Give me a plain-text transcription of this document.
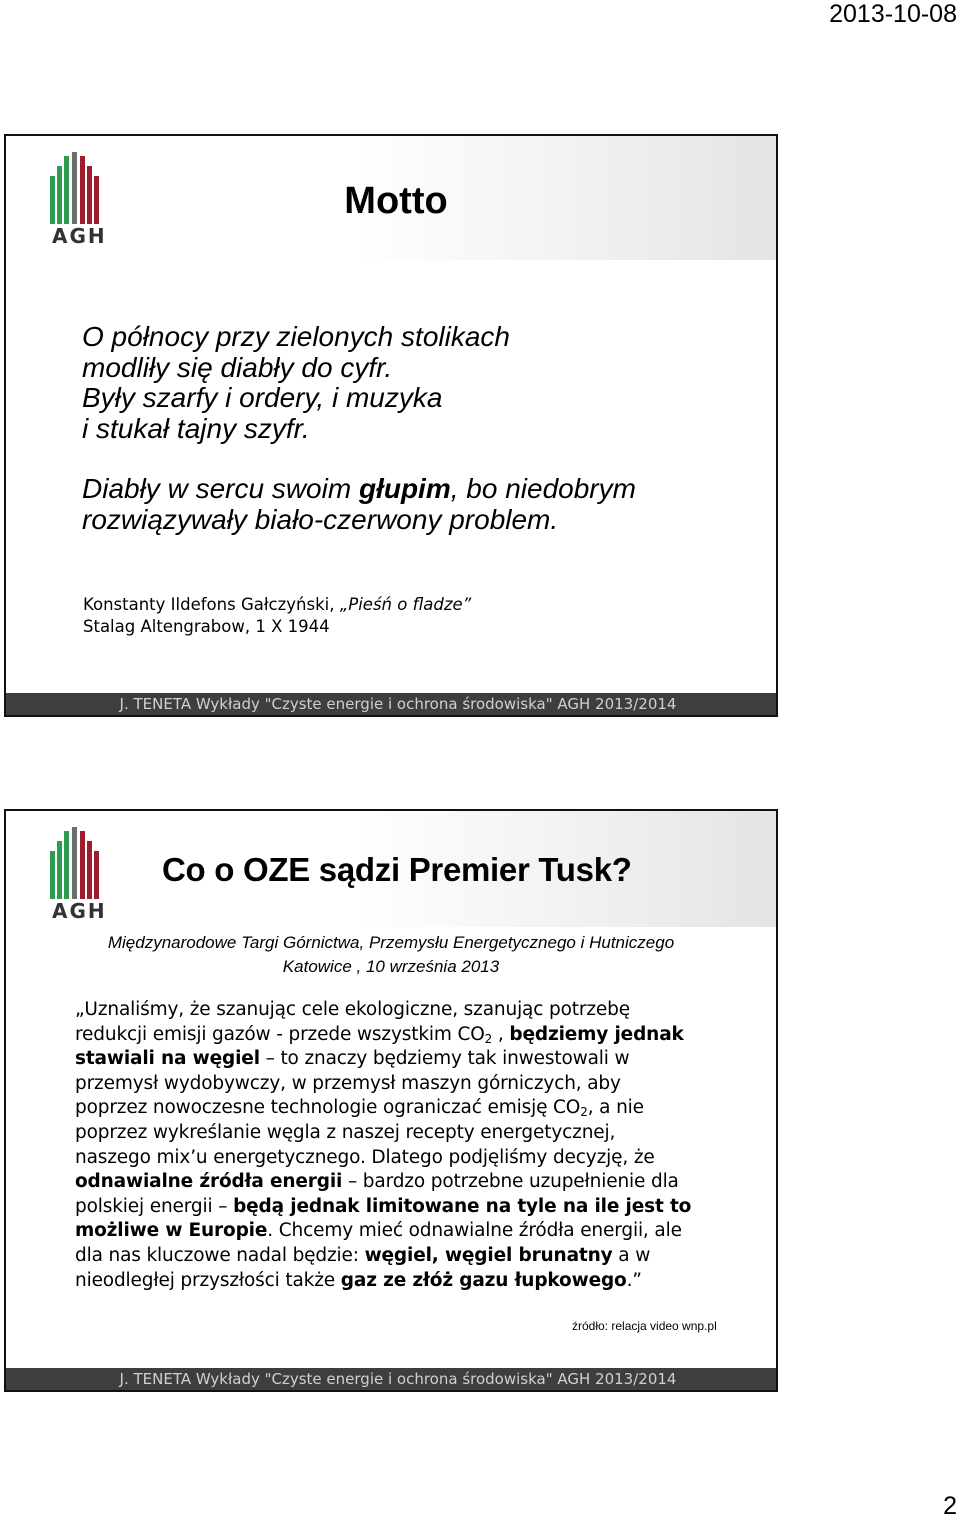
2013-10-08
AGH
Motto
O północy przy zielonych stolikach
modliły się diabły do cyfr.
Były szarfy i ordery, i muzyka
i stukał tajny szyfr.
Diabły w sercu swoim głupim, bo niedobrym
rozwiązywały biało-czerwony problem.
Konstanty Ildefons Gałczyński, „Pieśń o fladze”
Stalag Altengrabow, 1 X 1944
J. TENETA Wykłady "Czyste energie i ochrona środowiska" AGH 2013/2014
AGH
Co o OZE sądzi Premier Tusk?
Międzynarodowe Targi Górnictwa, Przemysłu Energetycznego i Hutniczego
Katowice , 10 września 2013
„Uznaliśmy, że szanując cele ekologiczne, szanując potrzebę
redukcji emisji gazów - przede wszystkim $CO_2$ , będziemy jednak
stawiali na węgiel – to znaczy będziemy tak inwestowali w
przemysł wydobywczy, w przemysł maszyn górniczych, aby
poprzez nowoczesne technologie ograniczać emisję $CO_2$, a nie
poprzez wykreślanie węgla z naszej recepty energetycznej,
naszego mix’u energetycznego. Dlatego podjęliśmy decyzję, że
odnawialne źródła energii – bardzo potrzebne uzupełnienie dla
polskiej energii – będą jednak limitowane na tyle na ile jest to
możliwe w Europie. Chcemy mieć odnawialne źródła energii, ale
dla nas kluczowe nadal będzie: węgiel, węgiel brunatny a w
nieodległej przyszłości także gaz ze złóż gazu łupkowego.”
źródło: relacja video wnp.pl
J. TENETA Wykłady "Czyste energie i ochrona środowiska" AGH 2013/2014
2
